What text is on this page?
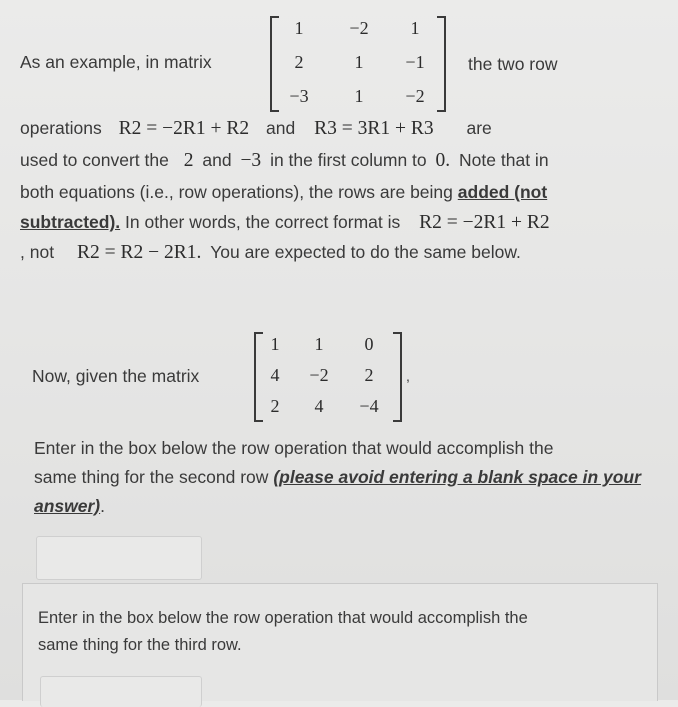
As an example, in matrix
1	−2	1
2	1	−1
−3	1	−2
the two row
operations R2 = −2R1 + R2 and R3 = 3R1 + R3 are
used to convert the 2 and −3 in the first column to 0. Note that in
both equations (i.e., row operations), the rows are being added (not
subtracted). In other words, the correct format is R2 = −2R1 + R2
, not R2 = R2 − 2R1. You are expected to do the same below.
Now, given the matrix
1	1	0
4	−2	2
2	4	−4
,
Enter in the box below the row operation that would accomplish the
same thing for the second row (please avoid entering a blank space in your
answer).
Enter in the box below the row operation that would accomplish the
same thing for the third row.
